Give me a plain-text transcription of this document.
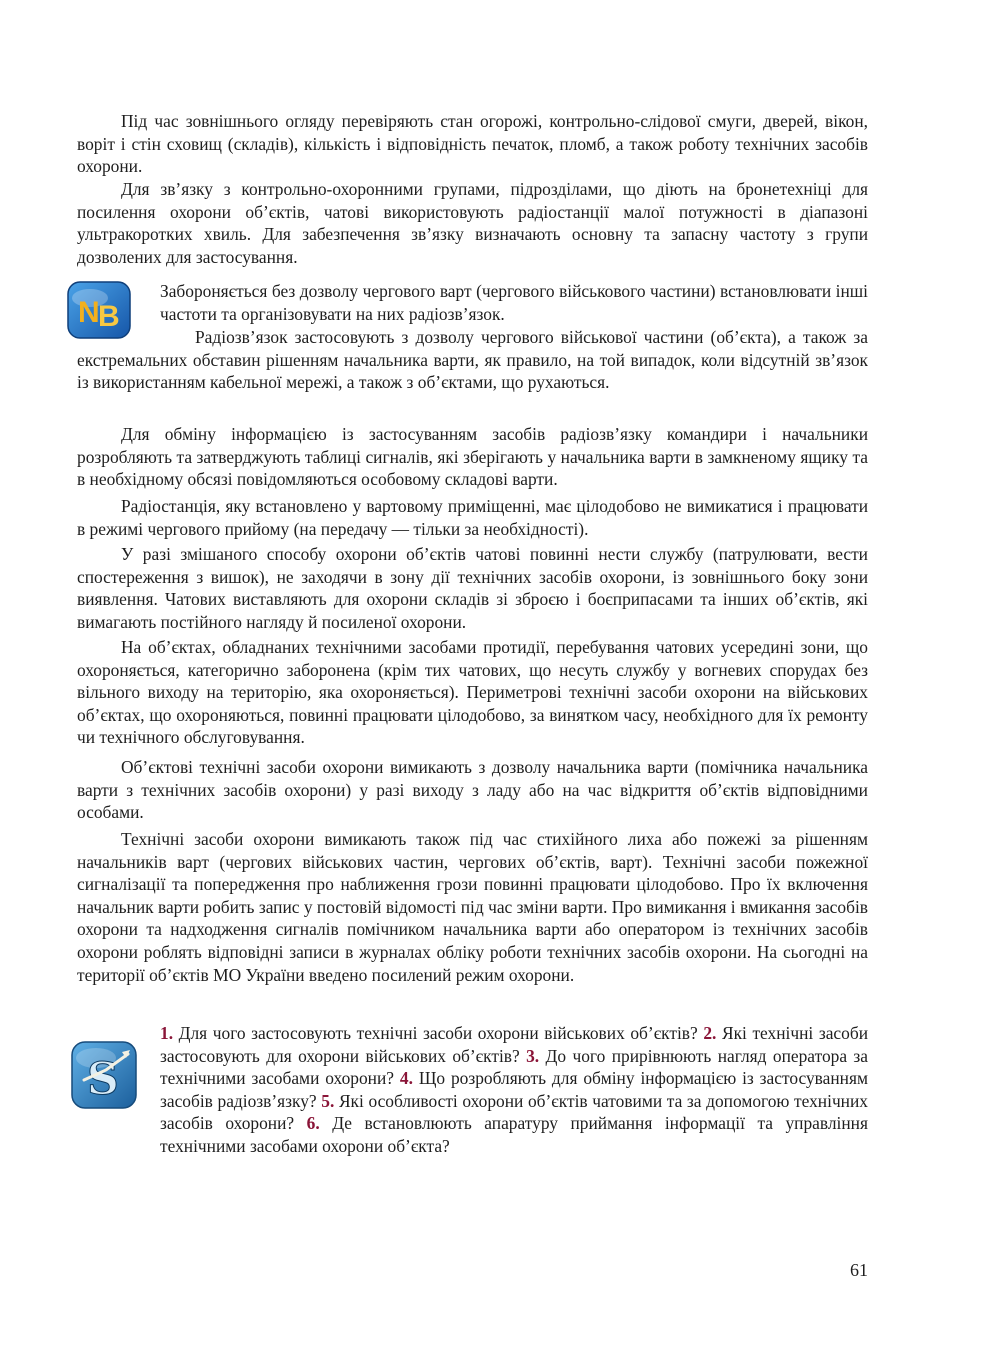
Під час зовнішнього огляду перевіряють стан огорожі, контрольно-слідової смуги, дверей, вікон, воріт і стін сховищ (складів), кількість і відповідність печаток, пломб, а також роботу технічних засобів охорони.

Для зв’язку з контрольно-охоронними групами, підрозділами, що діють на бронетехніці для посилення охорони об’єктів, чатові використовують радіостанції малої потужності в діапазоні ультракоротких хвиль. Для забезпечення зв’язку визначають основну та запасну частоту з групи дозволених для застосування.

N
B

Забороняється без дозволу чергового варт (чергового військового частини) встановлювати інші частоти та організовувати на них радіозв’язок.

Радіозв’язок застосовують з дозволу чергового військової частини (об’єкта), а також за екстремальних обставин рішенням начальника варти, як правило, на той випадок, коли відсутній зв’язок із використанням кабельної мережі, а також з об’єктами, що рухаються.

Для обміну інформацією із застосуванням засобів радіозв’язку командири і начальники розробляють та затверджують таблиці сигналів, які зберігають у начальника варти в замкненому ящику та в необхідному обсязі повідомляються особовому складові варти.

Радіостанція, яку встановлено у вартовому приміщенні, має цілодобово не вимикатися і працювати в режимі чергового прийому (на передачу — тільки за необхідності).

У разі змішаного способу охорони об’єктів чатові повинні нести службу (патрулювати, вести спостереження з вишок), не заходячи в зону дії технічних засобів охорони, із зовнішнього боку зони виявлення. Чатових виставляють для охорони складів зі зброєю і боєприпасами та інших об’єктів, які вимагають постійного нагляду й посиленої охорони.

На об’єктах, обладнаних технічними засобами протидії, перебування чатових усередині зони, що охороняється, категорично заборонена (крім тих чатових, що несуть службу у вогневих спорудах без вільного виходу на територію, яка охороняється). Периметрові технічні засоби охорони на військових об’єктах, що охороняються, повинні працювати цілодобово, за винятком часу, необхідного для їх ремонту чи технічного обслуговування.

Об’єктові технічні засоби охорони вимикають з дозволу начальника варти (помічника начальника варти з технічних засобів охорони) у разі виходу з ладу або на час відкриття об’єктів відповідними особами.

Технічні засоби охорони вимикають також під час стихійного лиха або пожежі за рішенням начальників варт (чергових військових частин, чергових об’єктів, варт). Технічні засоби пожежної сигналізації та попередження про наближення грози повинні працювати цілодобово. Про їх включення начальник варти робить запис у постовій відомості під час зміни варти. Про вимикання і вмикання засобів охорони та надходження сигналів помічником начальника варти або оператором із технічних засобів охорони роблять відповідні записи в журналах обліку роботи технічних засобів охорони. На сьогодні на території об’єктів МО України введено посилений режим охорони.

S
1. Для чого застосовують технічні засоби охорони військових об’єктів? 2. Які технічні засоби застосовують для охорони військових об’єктів? 3. До чого прирівнюють нагляд оператора за технічними засобами охорони? 4. Що розробляють для обміну інформацією із застосуванням засобів радіозв’язку? 5. Які особливості охорони об’єктів чатовими та за допомогою технічних засобів охорони? 6. Де встановлюють апаратуру приймання інформації та управління технічними засобами охорони об’єкта?
61
